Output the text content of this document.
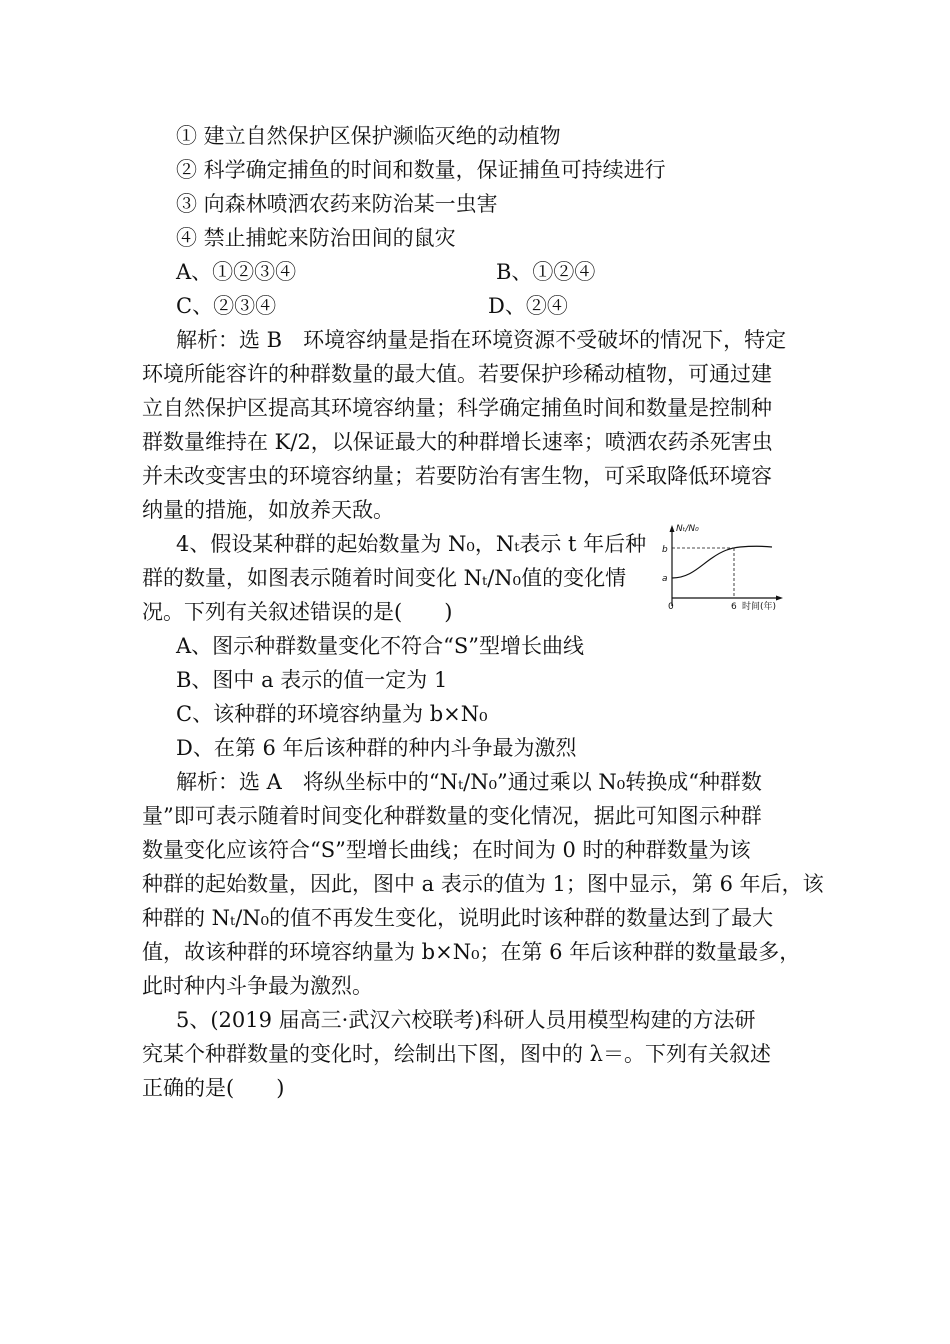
① 建立自然保护区保护濒临灭绝的动植物
② 科学确定捕鱼的时间和数量，保证捕鱼可持续进行
③ 向森林喷洒农药来防治某一虫害
④ 禁止捕蛇来防治田间的鼠灾
A、①②③④	B、①②④
C、②③④	D、②④
解析：选 B　环境容纳量是指在环境资源不受破坏的情况下，特定
环境所能容许的种群数量的最大值。若要保护珍稀动植物，可通过建
立自然保护区提高其环境容纳量；科学确定捕鱼时间和数量是控制种
群数量维持在 K/2，以保证最大的种群增长速率；喷洒农药杀死害虫
并未改变害虫的环境容纳量；若要防治有害生物，可采取降低环境容
纳量的措施，如放养天敌。
4、假设某种群的起始数量为 N₀，Nₜ表示 t 年后种
群的数量，如图表示随着时间变化 Nₜ/N₀值的变化情
况。下列有关叙述错误的是(　　)
Nₜ/N₀
b
a
0	6 时间(年)
A、图示种群数量变化不符合“S”型增长曲线
B、图中 a 表示的值一定为 1
C、该种群的环境容纳量为 b×N₀
D、在第 6 年后该种群的种内斗争最为激烈
解析：选 A　将纵坐标中的“Nₜ/N₀”通过乘以 N₀转换成“种群数
量”即可表示随着时间变化种群数量的变化情况，据此可知图示种群
数量变化应该符合“S”型增长曲线；在时间为 0 时的种群数量为该
种群的起始数量，因此，图中 a 表示的值为 1；图中显示，第 6 年后，该
种群的 Nₜ/N₀的值不再发生变化，说明此时该种群的数量达到了最大
值，故该种群的环境容纳量为 b×N₀；在第 6 年后该种群的数量最多，
此时种内斗争最为激烈。
5、(2019 届高三·武汉六校联考)科研人员用模型构建的方法研
究某个种群数量的变化时，绘制出下图，图中的 λ＝。下列有关叙述
正确的是(　　)
